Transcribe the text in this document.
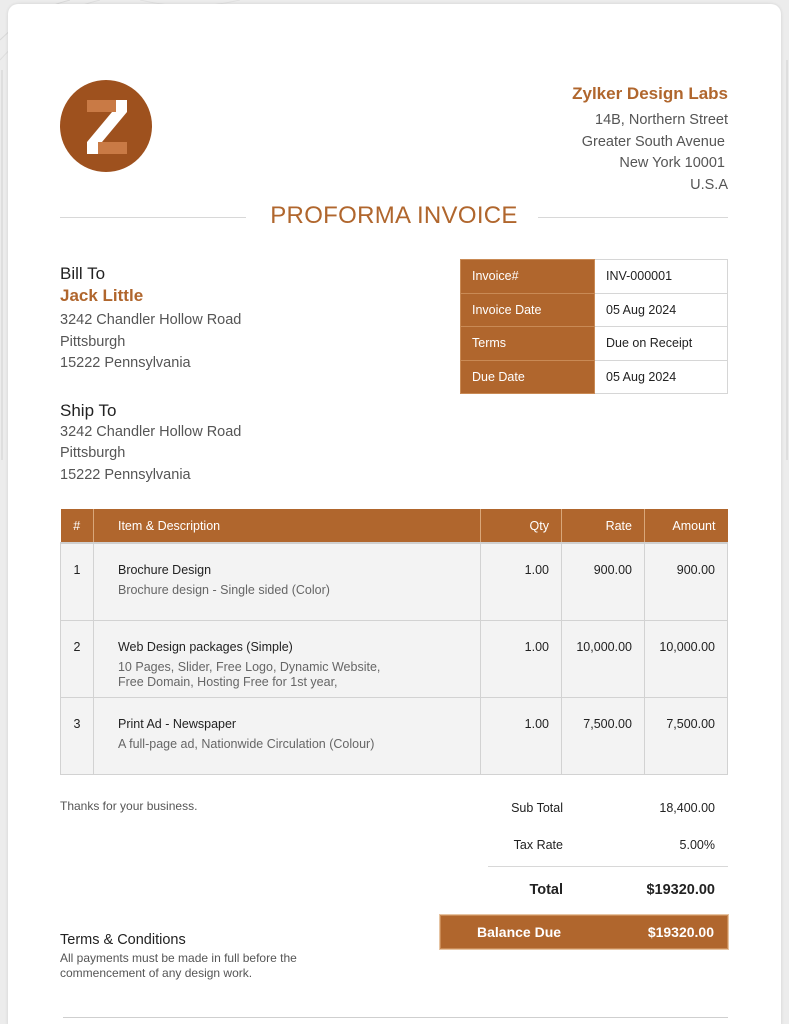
Zylker Design Labs
14B, Northern Street
Greater South Avenue
New York 10001
U.S.A
PROFORMA INVOICE
Bill To
Jack Little
3242 Chandler Hollow Road
Pittsburgh
15222 Pennsylvania
Ship To
3242 Chandler Hollow Road
Pittsburgh
15222 Pennsylvania
Invoice#	INV-000001
Invoice Date	05 Aug 2024
Terms	Due on Receipt
Due Date	05 Aug 2024
#	Item & Description	Qty	Rate	Amount
1	Brochure Design
Brochure design - Single sided (Color)	1.00	900.00	900.00
2	Web Design packages (Simple)
10 Pages, Slider, Free Logo, Dynamic Website,
Free Domain, Hosting Free for 1st year,	1.00	10,000.00	10,000.00
3	Print Ad - Newspaper
A full-page ad, Nationwide Circulation (Colour)	1.00	7,500.00	7,500.00
Thanks for your business.	Sub Total	18,400.00
Tax Rate	5.00%
Total	$19320.00
Balance Due	$19320.00
Terms & Conditions
All payments must be made in full before the
commencement of any design work.
